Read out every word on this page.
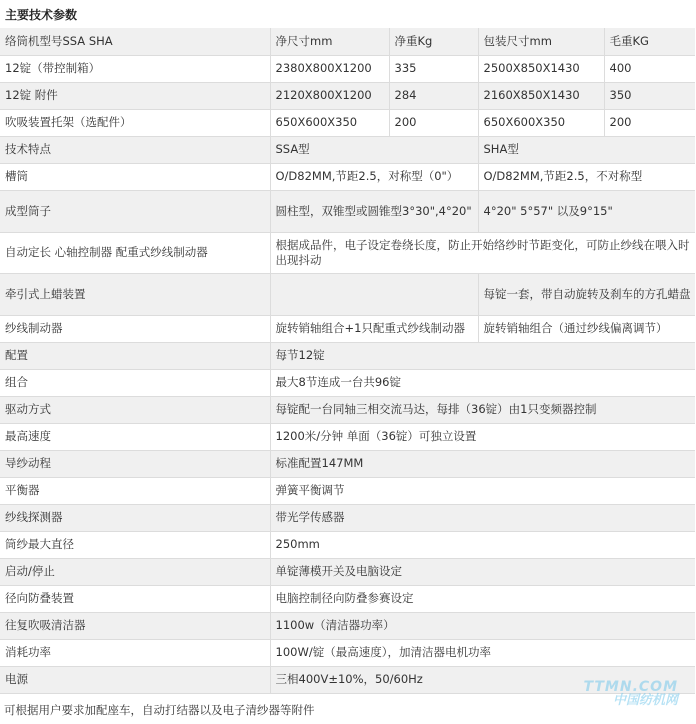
主要技术参数
络筒机型号SSA SHA	净尺寸mm	净重Kg	包装尺寸mm	毛重KG
12锭（带控制箱）	2380X800X1200	335	2500X850X1430	400
12锭 附件	2120X800X1200	284	2160X850X1430	350
吹吸装置托架（选配件）	650X600X350	200	650X600X350	200
技术特点	SSA型		SHA型	
槽筒	O/D82MM,节距2.5，对称型（0"）		O/D82MM,节距2.5，不对称型	
成型筒子	圆柱型，双锥型或圆锥型3°30",4°20"		4°20" 5°57" 以及9°15"	
自动定长 心轴控制器 配重式纱线制动器	根据成品件，电子设定卷绕长度，防止开始络纱时节距变化，可防止纱线在喂入时出现抖动			
牵引式上蜡装置			每锭一套，带自动旋转及刹车的方孔蜡盘	
纱线制动器	旋转销轴组合+1只配重式纱线制动器		旋转销轴组合（通过纱线偏离调节）	
配置	每节12锭			
组合	最大8节连成一台共96锭			
驱动方式	每锭配一台同轴三相交流马达，每排（36锭）由1只变频器控制			
最高速度	1200米/分钟 单面（36锭）可独立设置			
导纱动程	标准配置147MM			
平衡器	弹簧平衡调节			
纱线探测器	带光学传感器			
筒纱最大直径	250mm			
启动/停止	单锭薄模开关及电脑设定			
径向防叠装置	电脑控制径向防叠参赛设定			
往复吹吸清洁器	1100w（清洁器功率）			
消耗功率	100W/锭（最高速度），加清洁器电机功率			
电源	三相400V±10%，50/60Hz			
可根据用户要求加配座车，自动打结器以及电子清纱器等附件
TTMN.COM
中国纺机网
